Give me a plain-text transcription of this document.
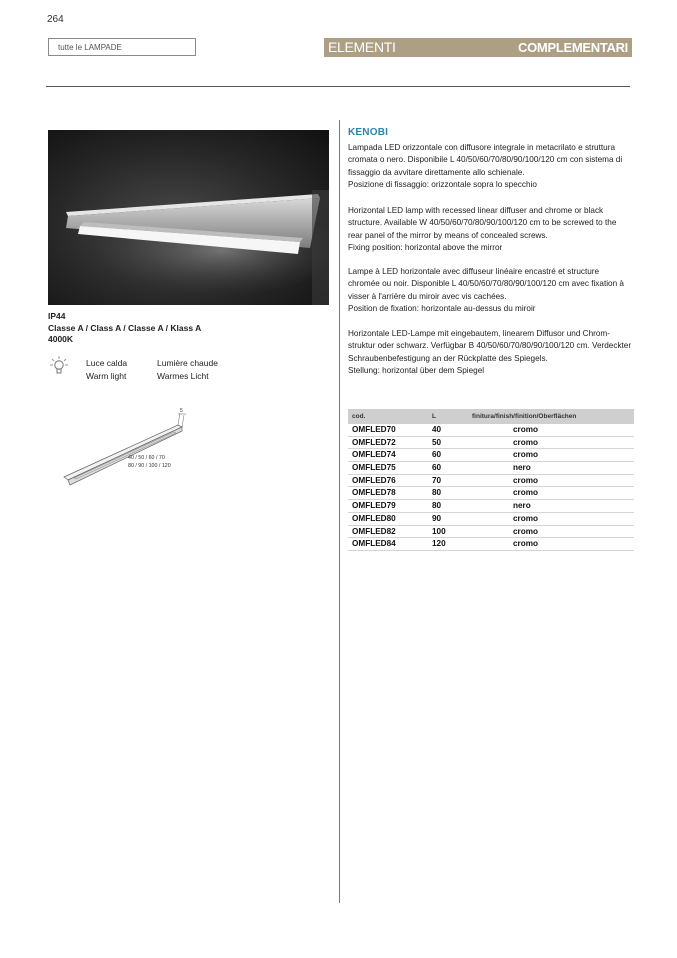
264
tutte le LAMPADE	ELEMENTI	COMPLEMENTARI
IP44
Classe A / Class A / Classe A / Klass A
4000K
Luce calda
Warm light
Lumière chaude
Warmes Licht
5
40 / 50 / 60 / 70
80 / 90 / 100 / 120
KENOBI
Lampada LED orizzontale con diffusore integrale in metacrilato e struttura cromata o nero. Disponibile L 40/50/60/70/80/90/100/120 cm con sistema di fissaggio da avvitare direttamente allo schienale.
Posizione di fissaggio: orizzontale sopra lo specchio
Horizontal LED lamp with recessed linear diffuser and chrome or black structure. Available W 40/50/60/70/80/90/100/120 cm to be screwed to the rear panel of the mirror by means of concealed screws.
Fixing position: horizontal above the mirror
Lampe à LED horizontale avec diffuseur linéaire encastré et structure chromée ou noir. Disponible L 40/50/60/70/80/90/100/120 cm avec fixation à visser à l'arrière du miroir avec vis cachées.
Position de fixation: horizontale au-dessus du miroir
Horizontale LED-Lampe mit eingebautem, linearem Diffusor und Chrom-struktur oder schwarz. Verfügbar B 40/50/60/70/80/90/100/120 cm. Verdeckter Schraubenbefestigung an der Rückplatte des Spiegels.
Stellung: horizontal über dem Spiegel
cod.	L	finitura/finish/finition/Oberflächen
OMFLED70	40	cromo
OMFLED72	50	cromo
OMFLED74	60	cromo
OMFLED75	60	nero
OMFLED76	70	cromo
OMFLED78	80	cromo
OMFLED79	80	nero
OMFLED80	90	cromo
OMFLED82	100	cromo
OMFLED84	120	cromo
